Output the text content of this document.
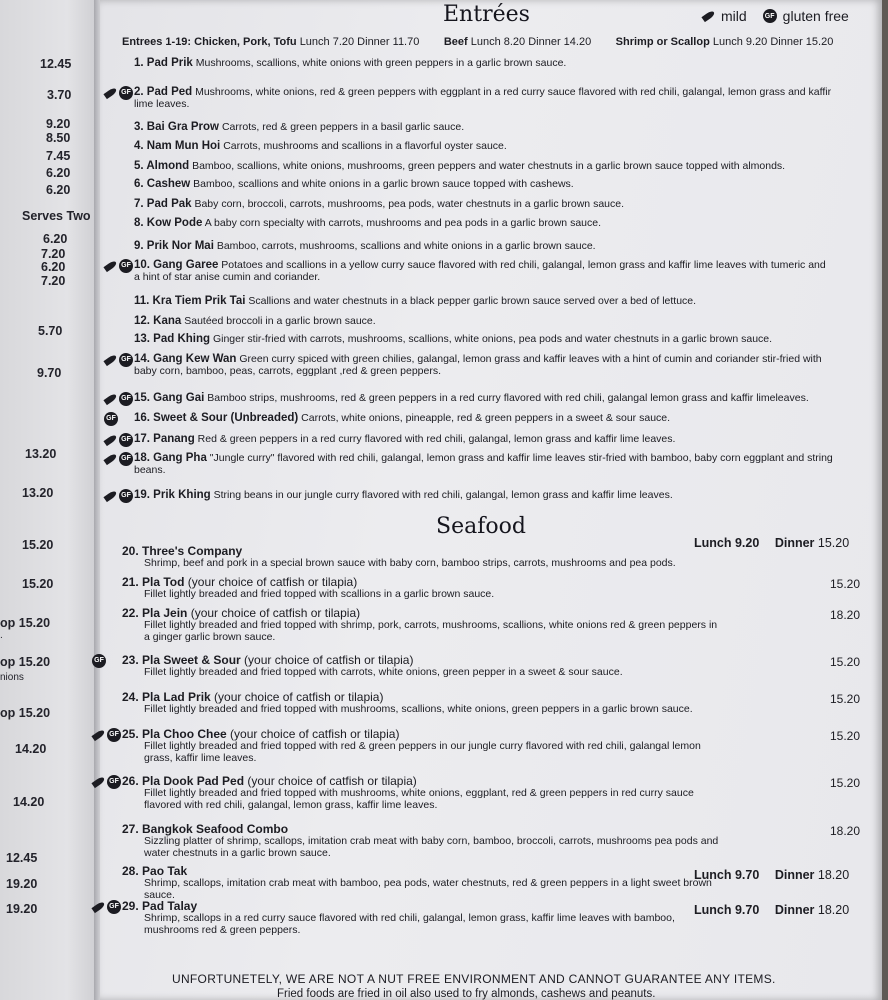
12.45
3.70
9.20
8.50
7.45
6.20
6.20
Serves Two
6.20
7.20
6.20
7.20
5.70
9.70
13.20
13.20
15.20
15.20
op 15.20
op 15.20
op 15.20
14.20
14.20
12.45
19.20
19.20
.
nions
Entrées	mild	GF gluten free
Entrees 1-19: Chicken, Pork, Tofu Lunch 7.20 Dinner 11.70 Beef Lunch 8.20 Dinner 14.20 Shrimp or Scallop Lunch 9.20 Dinner 15.20
1. Pad Prik Mushrooms, scallions, white onions with green peppers in a garlic brown sauce.
GF 2. Pad Ped Mushrooms, white onions, red & green peppers with eggplant in a red curry sauce flavored with red chili, galangal, lemon grass and kaffir lime leaves.
3. Bai Gra Prow Carrots, red & green peppers in a basil garlic sauce.
4. Nam Mun Hoi Carrots, mushrooms and scallions in a flavorful oyster sauce.
5. Almond Bamboo, scallions, white onions, mushrooms, green peppers and water chestnuts in a garlic brown sauce topped with almonds.
6. Cashew Bamboo, scallions and white onions in a garlic brown sauce topped with cashews.
7. Pad Pak Baby corn, broccoli, carrots, mushrooms, pea pods, water chestnuts in a garlic brown sauce.
8. Kow Pode A baby corn specialty with carrots, mushrooms and pea pods in a garlic brown sauce.
9. Prik Nor Mai Bamboo, carrots, mushrooms, scallions and white onions in a garlic brown sauce.
GF 10. Gang Garee Potatoes and scallions in a yellow curry sauce flavored with red chili, galangal, lemon grass and kaffir lime leaves with tumeric and a hint of star anise cumin and coriander.
11. Kra Tiem Prik Tai Scallions and water chestnuts in a black pepper garlic brown sauce served over a bed of lettuce.
12. Kana Sautéed broccoli in a garlic brown sauce.
13. Pad Khing Ginger stir-fried with carrots, mushrooms, scallions, white onions, pea pods and water chestnuts in a garlic brown sauce.
GF 14. Gang Kew Wan Green curry spiced with green chilies, galangal, lemon grass and kaffir leaves with a hint of cumin and coriander stir-fried with baby corn, bamboo, peas, carrots, eggplant ,red & green peppers.
GF 15. Gang Gai Bamboo strips, mushrooms, red & green peppers in a red curry flavored with red chili, galangal lemon grass and kaffir limeleaves.
GF 16. Sweet & Sour (Unbreaded) Carrots, white onions, pineapple, red & green peppers in a sweet & sour sauce.
GF 17. Panang Red & green peppers in a red curry flavored with red chili, galangal, lemon grass and kaffir lime leaves.
GF 18. Gang Pha "Jungle curry" flavored with red chili, galangal, lemon grass and kaffir lime leaves stir-fried with bamboo, baby corn eggplant and string beans.
GF 19. Prik Khing String beans in our jungle curry flavored with red chili, galangal, lemon grass and kaffir lime leaves.
Seafood
20. Three's Company
Shrimp, beef and pork in a special brown sauce with baby corn, bamboo strips, carrots, mushrooms and pea pods.
Lunch 9.20 Dinner 15.20
21. Pla Tod (your choice of catfish or tilapia)
Fillet lightly breaded and fried topped with scallions in a garlic brown sauce.
15.20
22. Pla Jein (your choice of catfish or tilapia)
Fillet lightly breaded and fried topped with shrimp, pork, carrots, mushrooms, scallions, white onions red & green peppers in a ginger garlic brown sauce.
18.20
GF 23. Pla Sweet & Sour (your choice of catfish or tilapia)
Fillet lightly breaded and fried topped with carrots, white onions, green pepper in a sweet & sour sauce.
15.20
24. Pla Lad Prik (your choice of catfish or tilapia)
Fillet lightly breaded and fried topped with mushrooms, scallions, white onions, green peppers in a garlic brown sauce.
15.20
GF 25. Pla Choo Chee (your choice of catfish or tilapia)
Fillet lightly breaded and fried topped with red & green peppers in our jungle curry flavored with red chili, galangal lemon grass, kaffir lime leaves.
15.20
GF 26. Pla Dook Pad Ped (your choice of catfish or tilapia)
Fillet lightly breaded and fried topped with mushrooms, white onions, eggplant, red & green peppers in red curry sauce flavored with red chili, galangal, lemon grass, kaffir lime leaves.
15.20
27. Bangkok Seafood Combo
Sizzling platter of shrimp, scallops, imitation crab meat with baby corn, bamboo, broccoli, carrots, mushrooms pea pods and water chestnuts in a garlic brown sauce.
18.20
28. Pao Tak
Shrimp, scallops, imitation crab meat with bamboo, pea pods, water chestnuts, red & green peppers in a light sweet brown sauce.
Lunch 9.70 Dinner 18.20
GF 29. Pad Talay
Shrimp, scallops in a red curry sauce flavored with red chili, galangal, lemon grass, kaffir lime leaves with bamboo, mushrooms red & green peppers.
Lunch 9.70 Dinner 18.20
UNFORTUNETELY, WE ARE NOT A NUT FREE ENVIRONMENT AND CANNOT GUARANTEE ANY ITEMS.
Fried foods are fried in oil also used to fry almonds, cashews and peanuts.
